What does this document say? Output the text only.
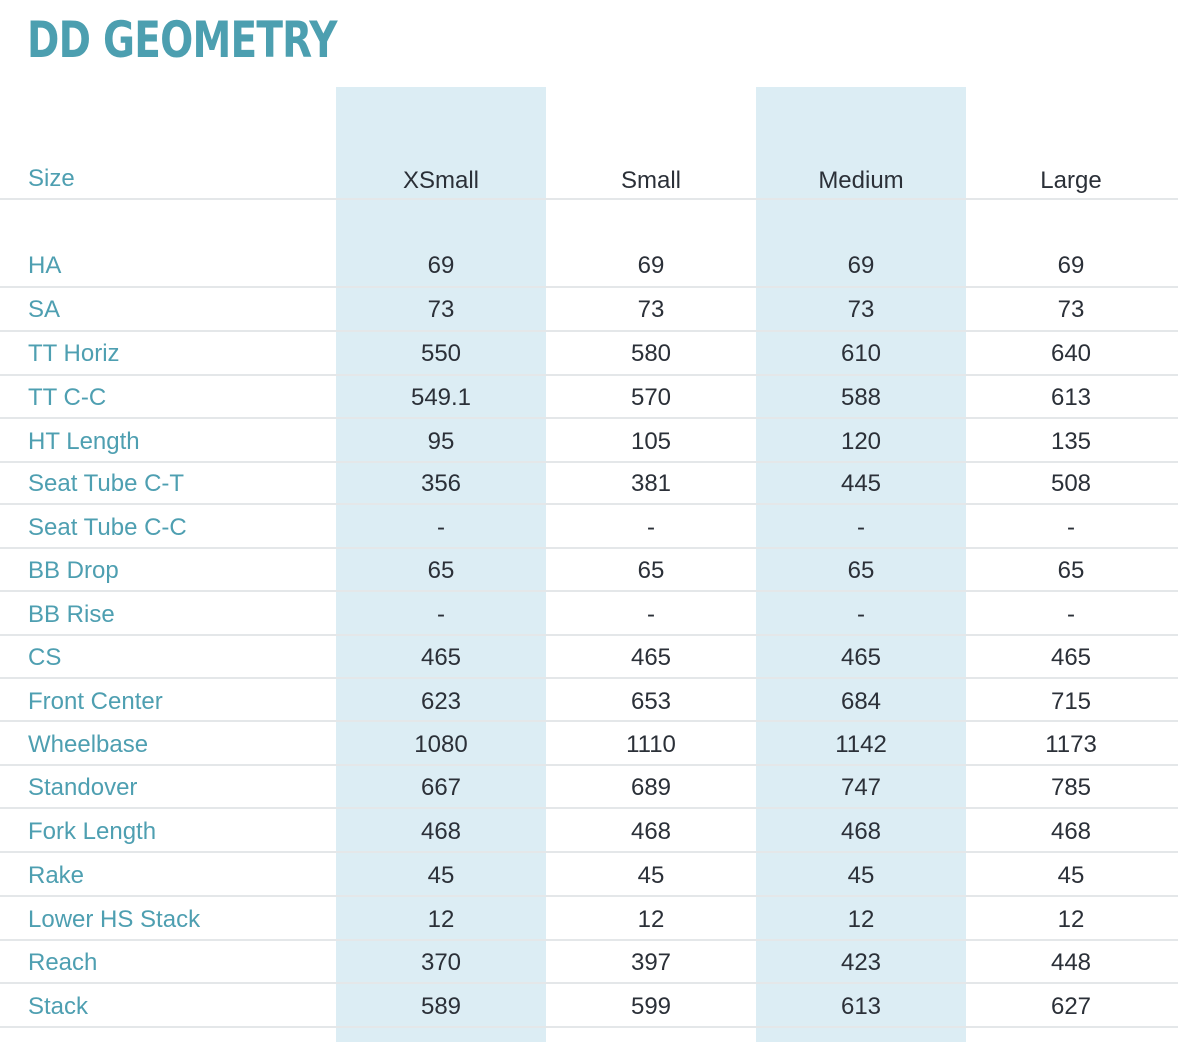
DD GEOMETRY
Size	XSmall	Small	Medium	Large
HA	69	69	69	69
SA	73	73	73	73
TT Horiz	550	580	610	640
TT C-C	549.1	570	588	613
HT Length	95	105	120	135
Seat Tube C-T	356	381	445	508
Seat Tube C-C	-	-	-	-
BB Drop	65	65	65	65
BB Rise	-	-	-	-
CS	465	465	465	465
Front Center	623	653	684	715
Wheelbase	1080	1110	1142	1173
Standover	667	689	747	785
Fork Length	468	468	468	468
Rake	45	45	45	45
Lower HS Stack	12	12	12	12
Reach	370	397	423	448
Stack	589	599	613	627
